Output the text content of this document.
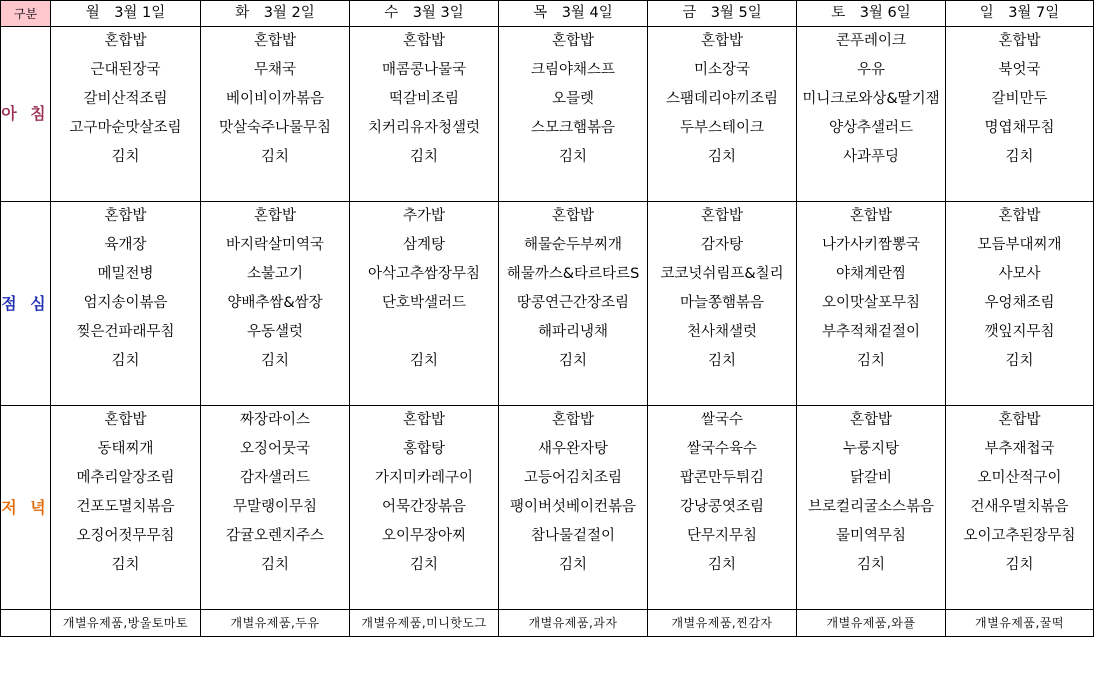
구분	월　3월 1일	화　3월 2일	수　3월 3일	목　3월 4일	금　3월 5일	토　3월 6일	일　3월 7일
아 침	혼합밥	혼합밥	혼합밥	혼합밥	혼합밥	콘푸레이크	혼합밥
	근대된장국	무채국	매콤콩나물국	크림야채스프	미소장국	우유	북엇국
	갈비산적조림	베이비이까볶음	떡갈비조림	오믈렛	스팸데리야끼조림	미니크로와상&딸기잼	갈비만두
	고구마순맛살조림	맛살숙주나물무침	치커리유자청샐럿	스모크햄볶음	두부스테이크	양상추샐러드	명엽채무침
	김치	김치	김치	김치	김치	사과푸딩	김치

점 심	혼합밥	혼합밥	추가밥	혼합밥	혼합밥	혼합밥	혼합밥
	육개장	바지락살미역국	삼계탕	해물순두부찌개	감자탕	나가사키짬뽕국	모듬부대찌개
	메밀전병	소불고기	아삭고추쌈장무침	해물까스&타르타르S	코코넛쉬림프&칠리	야채계란찜	사모사
	엄지송이볶음	양배추쌈&쌈장	단호박샐러드	땅콩연근간장조림	마늘쫑햄볶음	오이맛살포무침	우엉채조림
	찢은건파래무침	우동샐럿		해파리냉채	천사채샐럿	부추적채겉절이	깻잎지무침
	김치	김치	김치	김치	김치	김치	김치

저 녁	혼합밥	짜장라이스	혼합밥	혼합밥	쌀국수	혼합밥	혼합밥
	동태찌개	오징어뭇국	홍합탕	새우완자탕	쌀국수육수	누룽지탕	부추재첩국
	메추리알장조림	감자샐러드	가지미카레구이	고등어김치조림	팝콘만두튀김	닭갈비	오미산적구이
	건포도멸치볶음	무말랭이무침	어묵간장볶음	팽이버섯베이컨볶음	강낭콩엿조림	브로컬리굴소스볶음	건새우멸치볶음
	오징어젓무무침	감귤오렌지주스	오이무장아찌	참나물겉절이	단무지무침	물미역무침	오이고추된장무침
	김치	김치	김치	김치	김치	김치	김치

	개별유제품,방울토마토	개별유제품,두유	개별유제품,미니핫도그	개별유제품,과자	개별유제품,찐감자	개별유제품,와플	개별유제품,꿀떡
